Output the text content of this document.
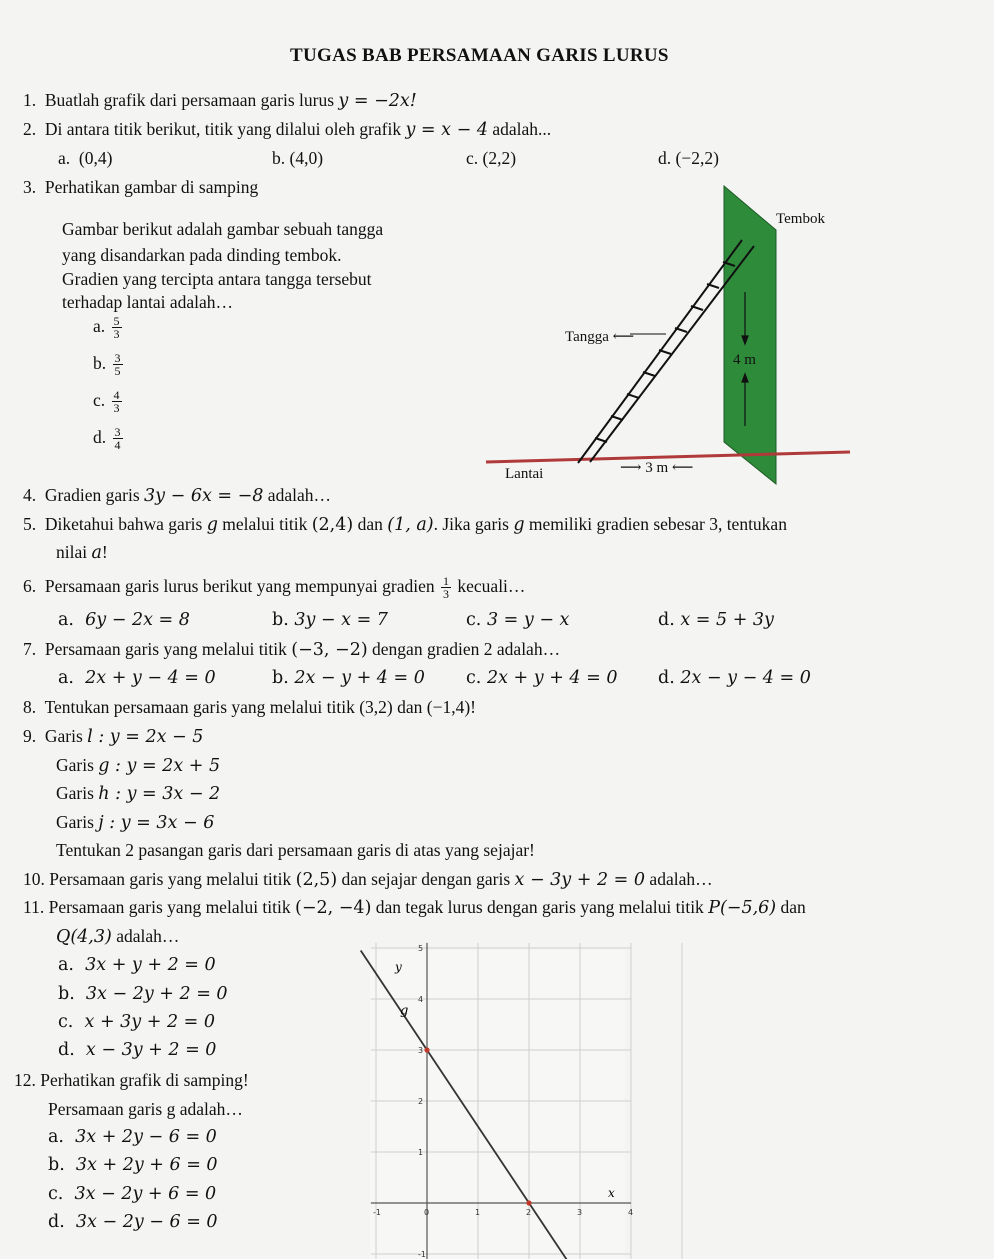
TUGAS BAB PERSAMAAN GARIS LURUS
1. Buatlah grafik dari persamaan garis lurus y = −2x!
2. Di antara titik berikut, titik yang dilalui oleh grafik y = x − 4 adalah...
a. (0,4)	b. (4,0)	c. (2,2)	d. (−2,2)
3. Perhatikan gambar di samping
Gambar berikut adalah gambar sebuah tangga
yang disandarkan pada dinding tembok.
Gradien yang tercipta antara tangga tersebut
terhadap lantai adalah…
a. $\frac{5}{3}$
b. $\frac{3}{5}$
c. $\frac{4}{3}$
d. $\frac{3}{4}$
Tembok
Tangga ⟵
4 m
Lantai	⟶ 3 m ⟵
4. Gradien garis 3y − 6x = −8 adalah…
5. Diketahui bahwa garis g melalui titik (2,4) dan (1, a). Jika garis g memiliki gradien sebesar 3, tentukan
nilai a!
6. Persamaan garis lurus berikut yang mempunyai gradien $\frac{1}{3}$ kecuali…
a. 6y − 2x = 8	b. 3y − x = 7	c. 3 = y − x	d. x = 5 + 3y
7. Persamaan garis yang melalui titik (−3, −2) dengan gradien 2 adalah…
a. 2x + y − 4 = 0	b. 2x − y + 4 = 0 c. 2x + y + 4 = 0 d. 2x − y − 4 = 0
8. Tentukan persamaan garis yang melalui titik (3,2) dan (−1,4)!
9. Garis l : y = 2x − 5
Garis g : y = 2x + 5
Garis h : y = 3x − 2
Garis j : y = 3x − 6
Tentukan 2 pasangan garis dari persamaan garis di atas yang sejajar!
10. Persamaan garis yang melalui titik (2,5) dan sejajar dengan garis x − 3y + 2 = 0 adalah…
11. Persamaan garis yang melalui titik (−2, −4) dan tegak lurus dengan garis yang melalui titik P(−5,6) dan
Q(4,3) adalah…
a. 3x + y + 2 = 0
b. 3x − 2y + 2 = 0
c. x + 3y + 2 = 0
d. x − 3y + 2 = 0
12. Perhatikan grafik di samping!
Persamaan garis g adalah…
a. 3x + 2y − 6 = 0
b. 3x + 2y + 6 = 0
c. 3x − 2y + 6 = 0
d. 3x − 2y − 6 = 0	-1	0	1	2	3	4
5
4
3
2
1
-1
x
y
g
